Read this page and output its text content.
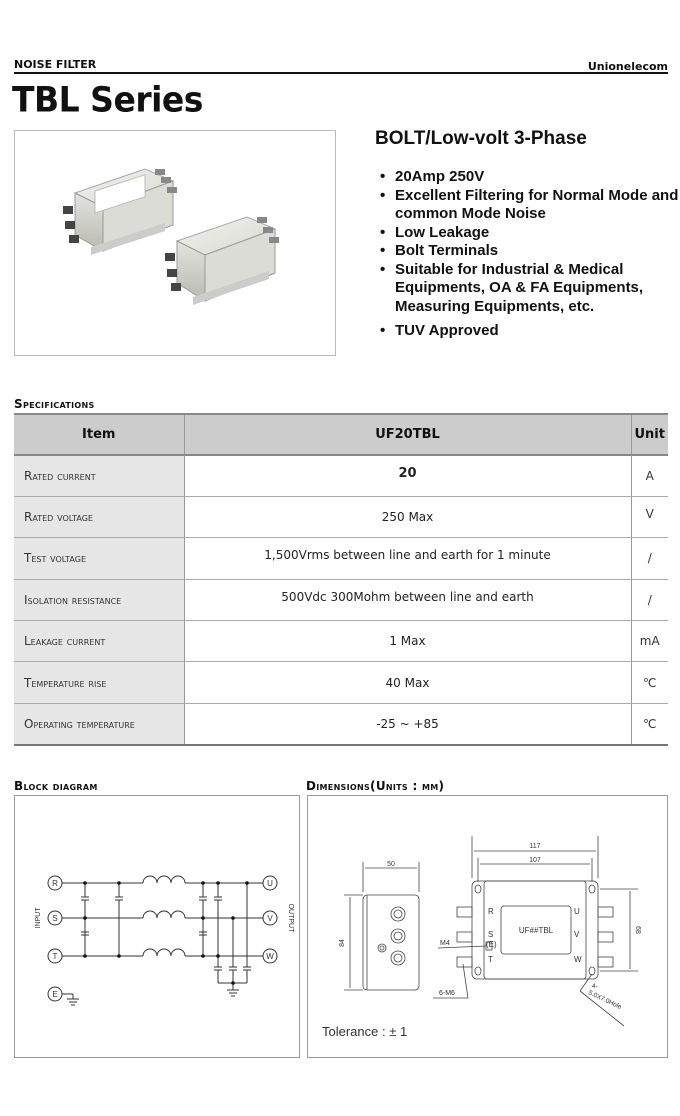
NOISE FILTER	Unionelecom
TBL Series
BOLT/Low-volt 3-Phase
• 20Amp 250V
• Excellent Filtering for Normal Mode and common Mode Noise
• Low Leakage
• Bolt Terminals
• Suitable for Industrial & Medical Equipments, OA & FA Equipments, Measuring Equipments, etc.
• TUV Approved
Specifications
Item	UF20TBL	Unit
Rated current	20	A
Rated voltage	250 Max	V
Test voltage	1,500Vrms between line and earth for 1 minute	/
Isolation resistance	500Vdc 300Mohm between line and earth	/
Leakage current	1 Max	mA
Temperature rise	40 Max	℃
Operating temperature	-25 ~ +85	℃
Block diagram
R
S
T
E
U
V
W
INPUT	OUTPUT
Dimensions(Units : mm)
50
84
117
107
68
UF##TBL
M4	(E)
6-M6
R
S
T
U
V
W
4-
5.0X7.0Hole
Tolerance : ± 1
